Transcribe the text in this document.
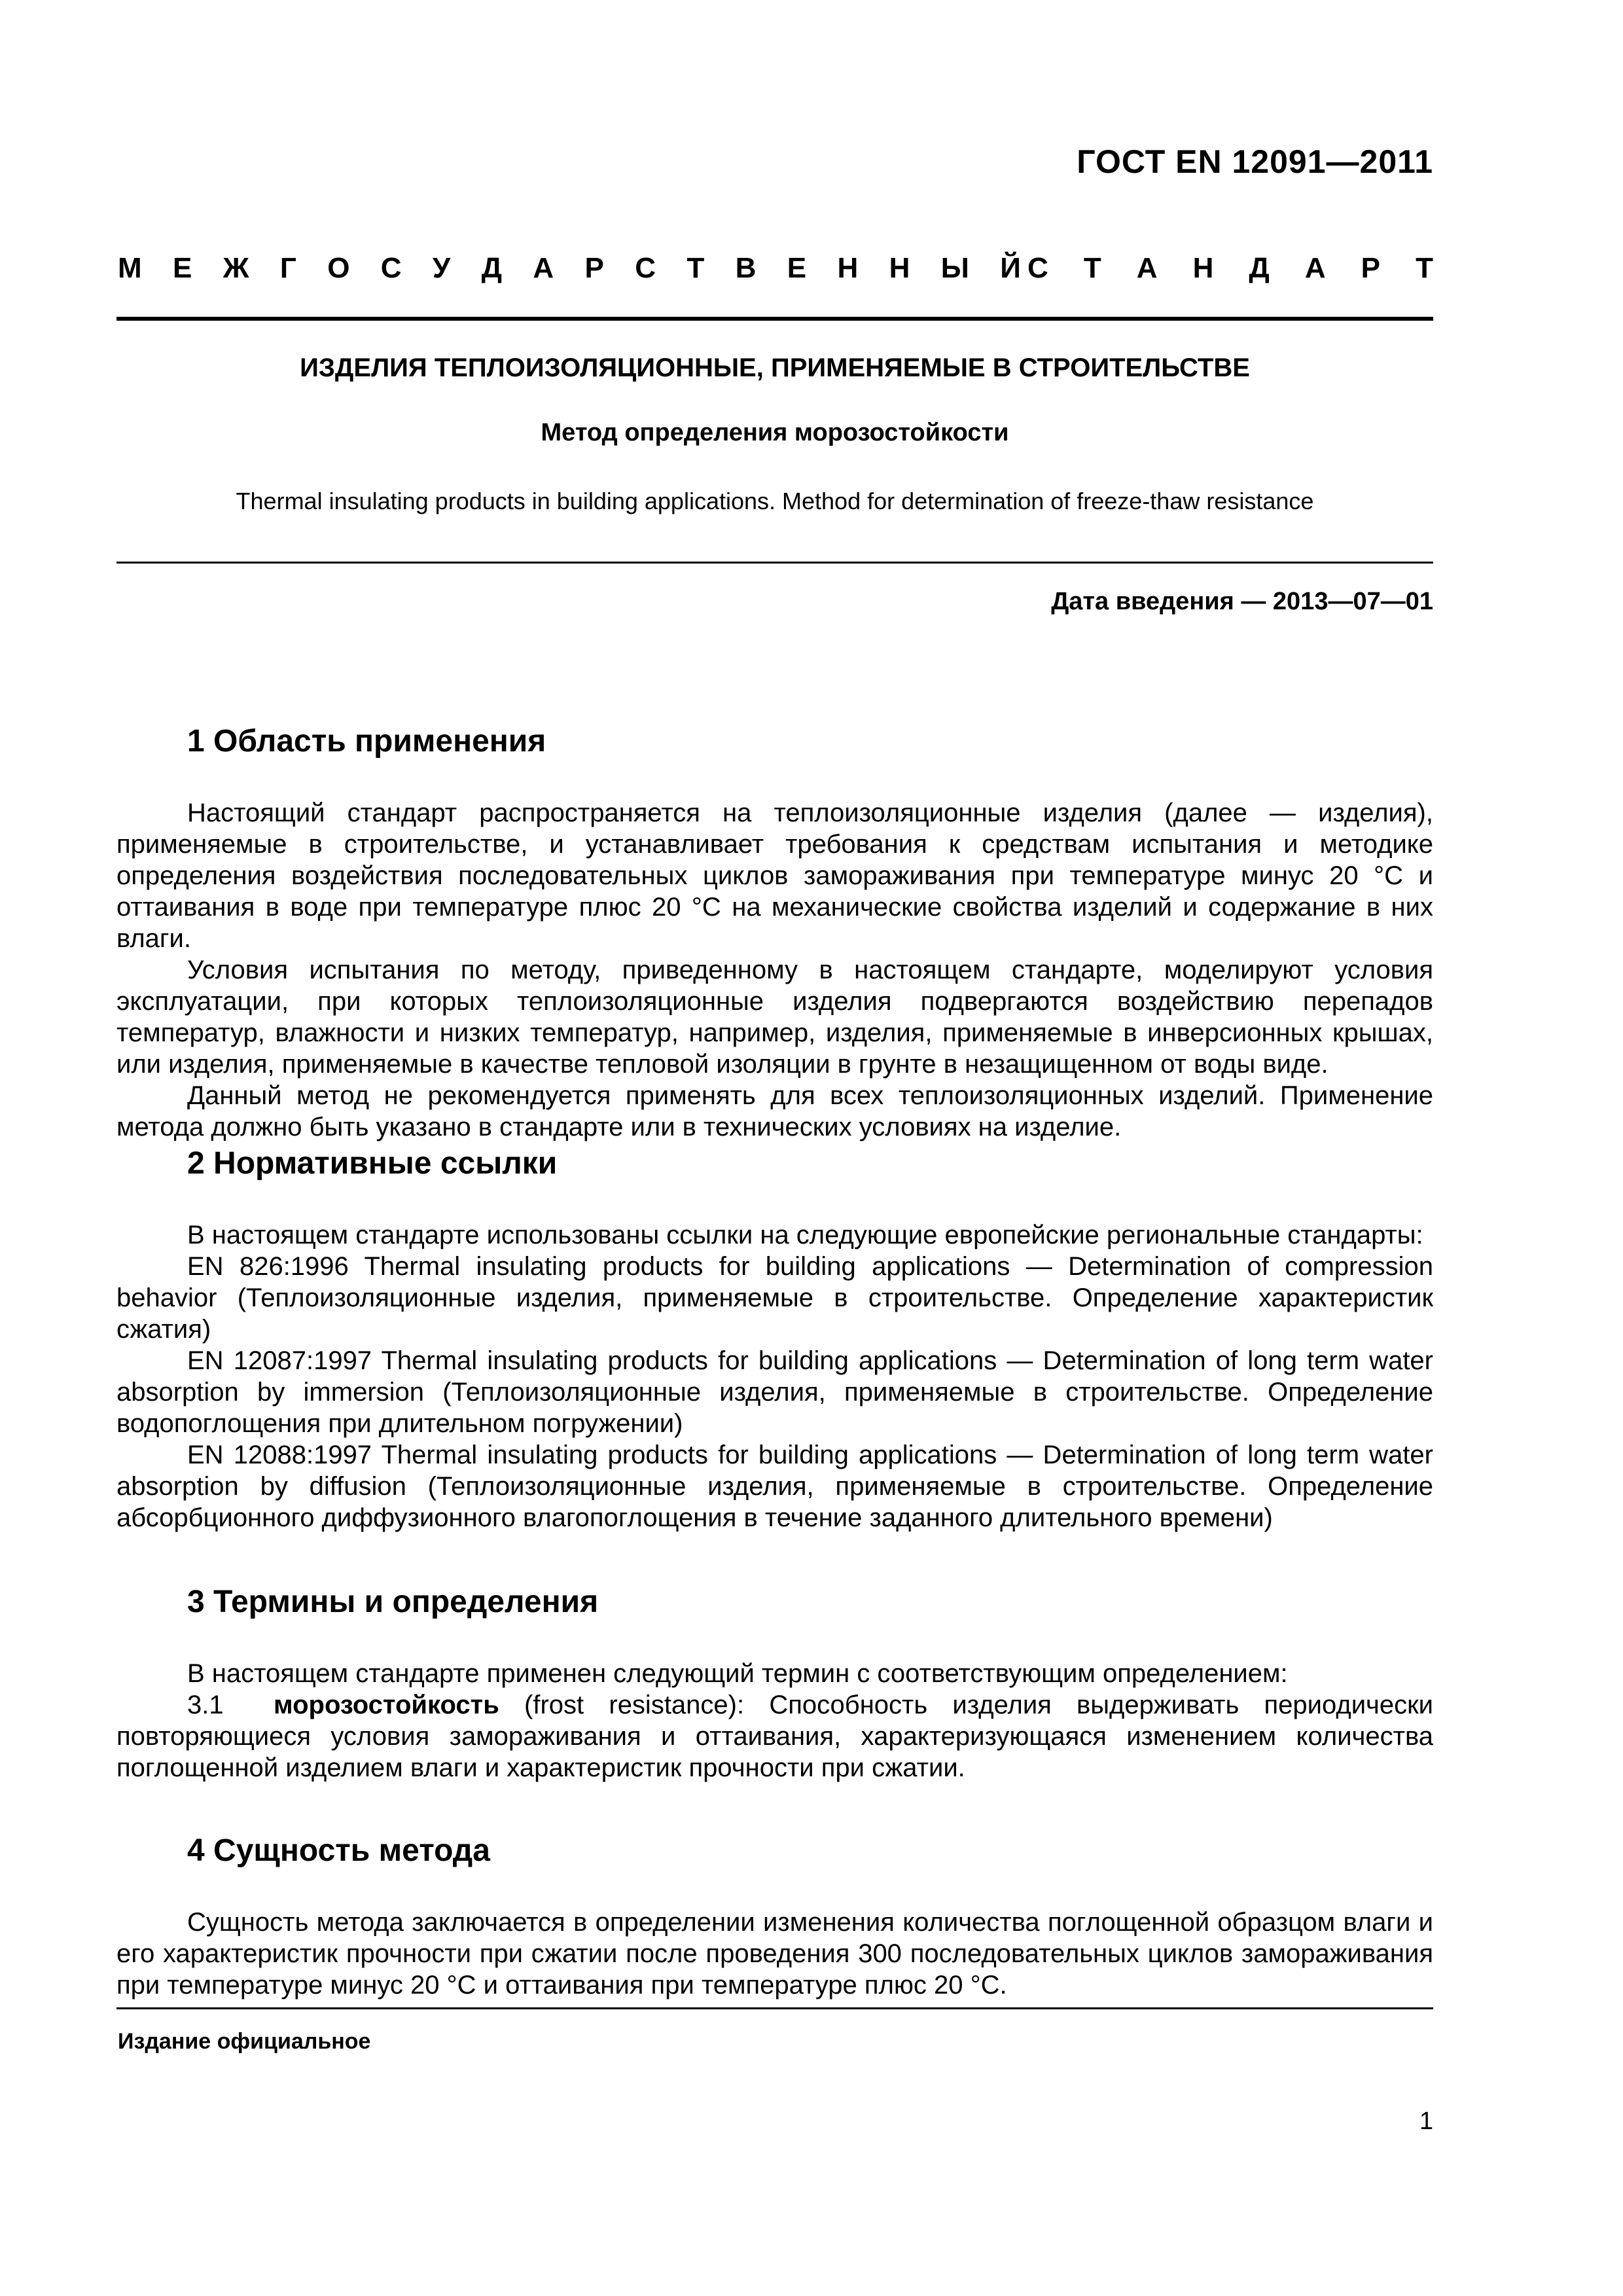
ГОСТ EN 12091—2011
М Е Ж Г О С У Д А Р С Т В Е Н Н Ы Й С Т А Н Д А Р Т
ИЗДЕЛИЯ ТЕПЛОИЗОЛЯЦИОННЫЕ, ПРИМЕНЯЕМЫЕ В СТРОИТЕЛЬСТВЕ
Метод определения морозостойкости
Thermal insulating products in building applications. Method for determination of freeze-thaw resistance
Дата введения — 2013—07—01
1 Область применения

Настоящий стандарт распространяется на теплоизоляционные изделия (далее — изделия), применяемые в строительстве, и устанавливает требования к средствам испытания и методике определения воздействия последовательных циклов замораживания при температуре минус 20 °С и оттаивания в воде при температуре плюс 20 °С на механические свойства изделий и содержание в них влаги.

Условия испытания по методу, приведенному в настоящем стандарте, моделируют условия эксплуатации, при которых теплоизоляционные изделия подвергаются воздействию перепадов температур, влажности и низких температур, например, изделия, применяемые в инверсионных крышах, или изделия, применяемые в качестве тепловой изоляции в грунте в незащищенном от воды виде.

Данный метод не рекомендуется применять для всех теплоизоляционных изделий. Применение метода должно быть указано в стандарте или в технических условиях на изделие.

2 Нормативные ссылки

В настоящем стандарте использованы ссылки на следующие европейские региональные стандарты:

EN 826:1996 Thermal insulating products for building applications — Determination of compression behavior (Теплоизоляционные изделия, применяемые в строительстве. Определение характеристик сжатия)

EN 12087:1997 Thermal insulating products for building applications — Determination of long term water absorption by immersion (Теплоизоляционные изделия, применяемые в строительстве. Определение водопоглощения при длительном погружении)

EN 12088:1997 Thermal insulating products for building applications — Determination of long term water absorption by diffusion (Теплоизоляционные изделия, применяемые в строительстве. Определение абсорбционного диффузионного влагопоглощения в течение заданного длительного времени)

3 Термины и определения

В настоящем стандарте применен следующий термин с соответствующим определением:

3.1 морозостойкость (frost resistance): Способность изделия выдерживать периодически повторяющиеся условия замораживания и оттаивания, характеризующаяся изменением количества поглощенной изделием влаги и характеристик прочности при сжатии.

4 Сущность метода

Сущность метода заключается в определении изменения количества поглощенной образцом влаги и его характеристик прочности при сжатии после проведения 300 последовательных циклов замораживания при температуре минус 20 °С и оттаивания при температуре плюс 20 °С.

Издание официальное
1
